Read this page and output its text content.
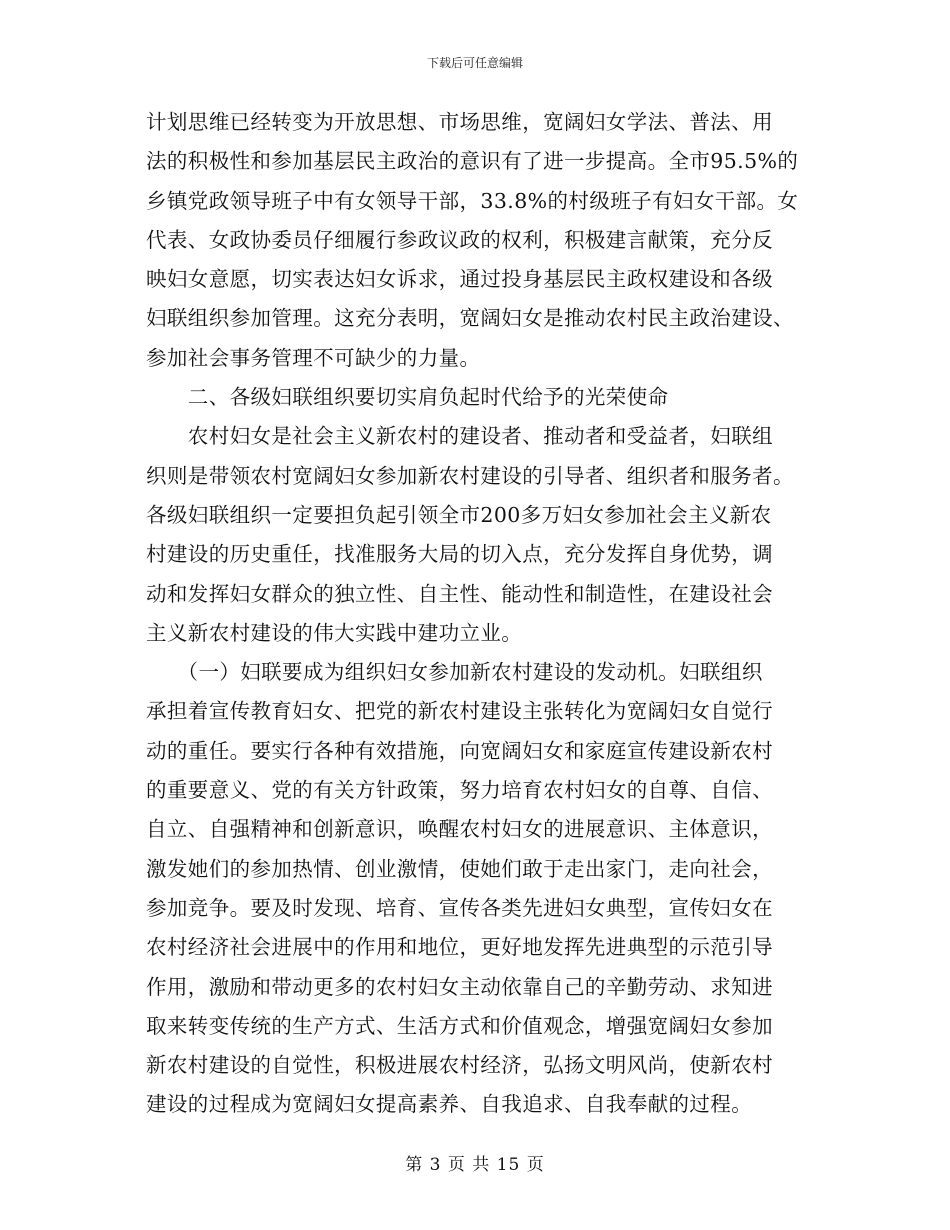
下载后可任意编辑
计划思维已经转变为开放思想、市场思维，宽阔妇女学法、普法、用
法的积极性和参加基层民主政治的意识有了进一步提高。全市95.5%的
乡镇党政领导班子中有女领导干部，33.8%的村级班子有妇女干部。女
代表、女政协委员仔细履行参政议政的权利，积极建言献策，充分反
映妇女意愿，切实表达妇女诉求，通过投身基层民主政权建设和各级
妇联组织参加管理。这充分表明，宽阔妇女是推动农村民主政治建设、
参加社会事务管理不可缺少的力量。
　　二、各级妇联组织要切实肩负起时代给予的光荣使命
　　农村妇女是社会主义新农村的建设者、推动者和受益者，妇联组
织则是带领农村宽阔妇女参加新农村建设的引导者、组织者和服务者。
各级妇联组织一定要担负起引领全市200多万妇女参加社会主义新农
村建设的历史重任，找准服务大局的切入点，充分发挥自身优势，调
动和发挥妇女群众的独立性、自主性、能动性和制造性，在建设社会
主义新农村建设的伟大实践中建功立业。
　　（一）妇联要成为组织妇女参加新农村建设的发动机。妇联组织
承担着宣传教育妇女、把党的新农村建设主张转化为宽阔妇女自觉行
动的重任。要实行各种有效措施，向宽阔妇女和家庭宣传建设新农村
的重要意义、党的有关方针政策，努力培育农村妇女的自尊、自信、
自立、自强精神和创新意识，唤醒农村妇女的进展意识、主体意识，
激发她们的参加热情、创业激情，使她们敢于走出家门，走向社会，
参加竞争。要及时发现、培育、宣传各类先进妇女典型，宣传妇女在
农村经济社会进展中的作用和地位，更好地发挥先进典型的示范引导
作用，激励和带动更多的农村妇女主动依靠自己的辛勤劳动、求知进
取来转变传统的生产方式、生活方式和价值观念，增强宽阔妇女参加
新农村建设的自觉性，积极进展农村经济，弘扬文明风尚，使新农村
建设的过程成为宽阔妇女提高素养、自我追求、自我奉献的过程。
第 3 页 共 15 页
